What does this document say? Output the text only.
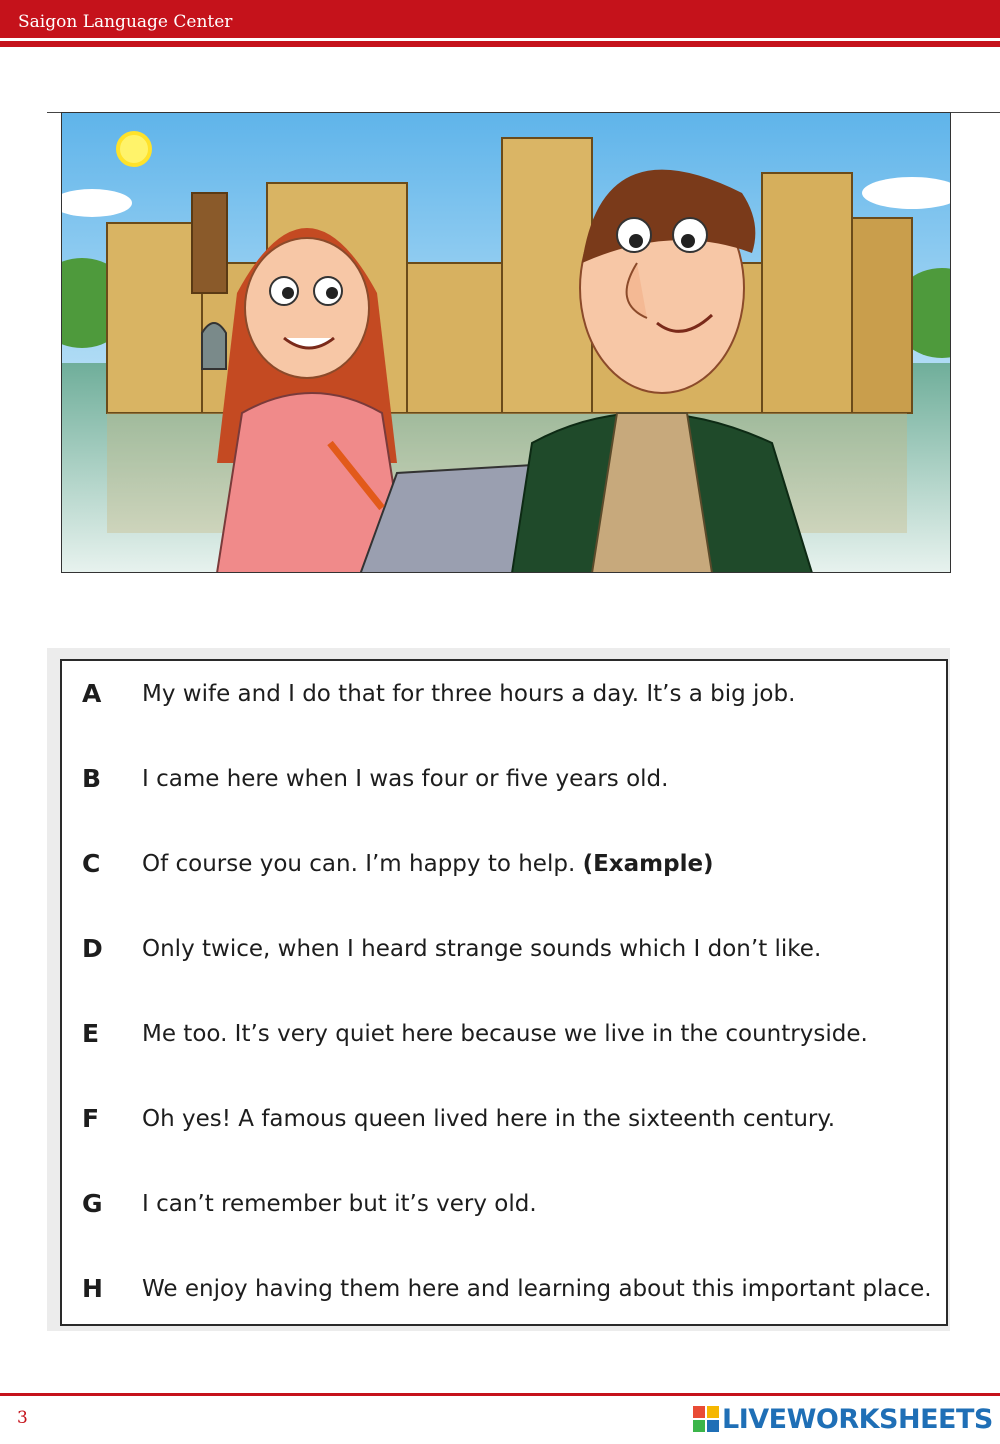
Saigon Language Center
A My wife and I do that for three hours a day. It’s a big job.
B I came here when I was four or five years old.
C Of course you can. I’m happy to help. (Example)
D Only twice, when I heard strange sounds which I don’t like.
E Me too. It’s very quiet here because we live in the countryside.
F Oh yes! A famous queen lived here in the sixteenth century.
G I can’t remember but it’s very old.
H We enjoy having them here and learning about this important place.
3	LIVEWORKSHEETS
